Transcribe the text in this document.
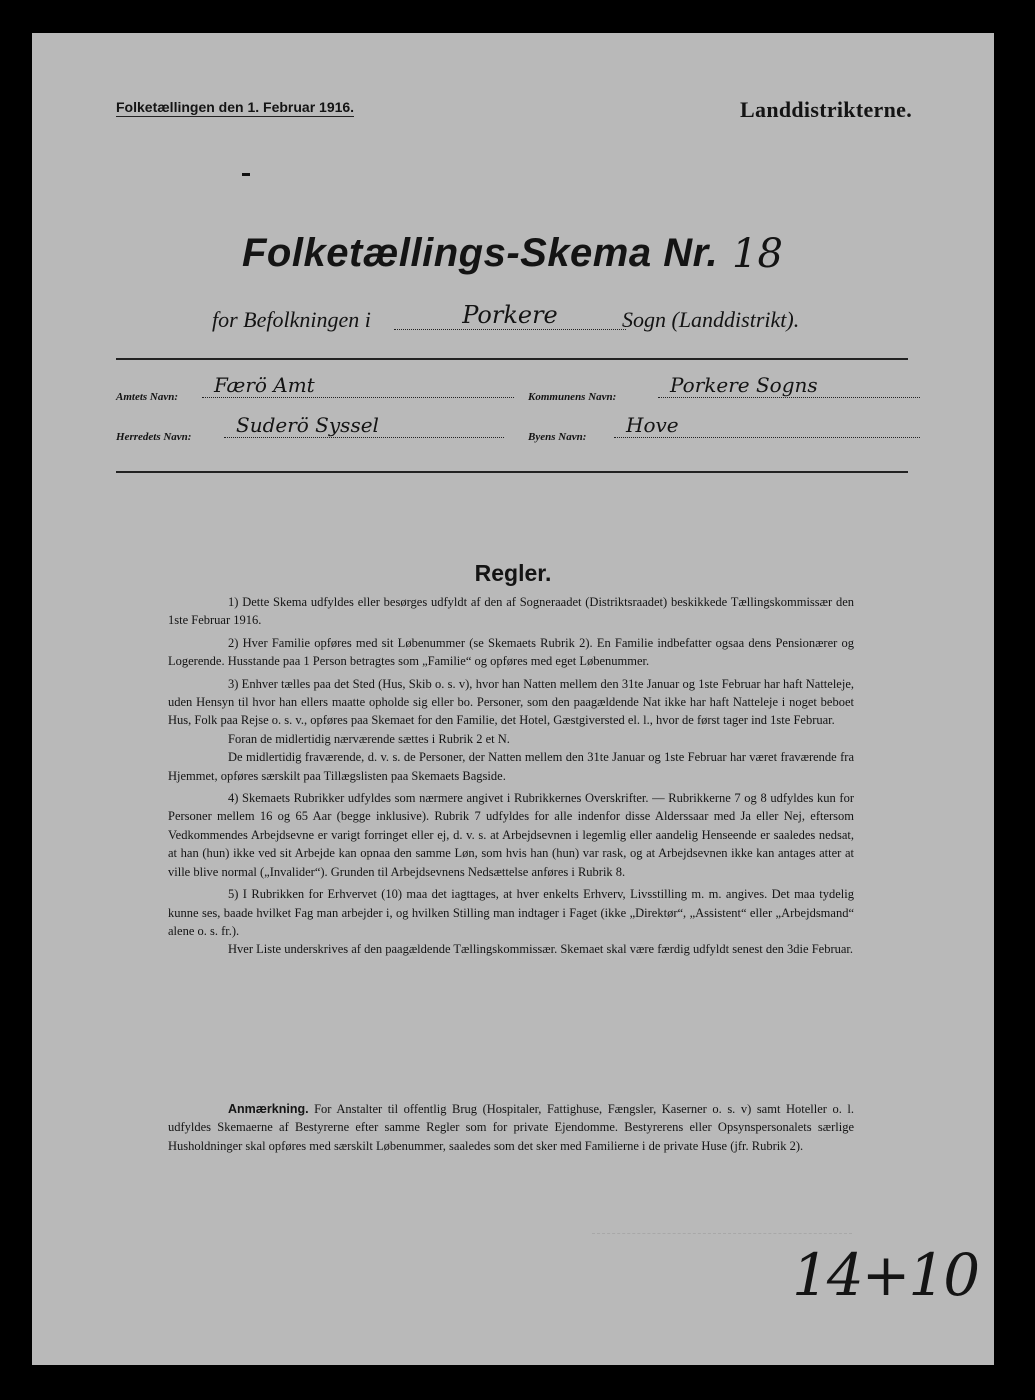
Folketællingen den 1. Februar 1916.	Landdistrikterne.
Folketællings-Skema Nr. 18
for Befolkningen i	Porkere	Sogn (Landdistrikt).
Amtets Navn:	Færö Amt	Kommunens Navn:	Porkere Sogns
Herredets Navn:	Suderö Syssel	Byens Navn:	Hove
Regler.

1) Dette Skema udfyldes eller besørges udfyldt af den af Sogneraadet (Distriktsraadet) beskikkede Tællingskommissær den 1ste Februar 1916.

2) Hver Familie opføres med sit Løbenummer (se Skemaets Rubrik 2). En Familie indbefatter ogsaa dens Pensionærer og Logerende. Husstande paa 1 Person betragtes som „Familie“ og opføres med eget Løbenummer.

3) Enhver tælles paa det Sted (Hus, Skib o. s. v), hvor han Natten mellem den 31te Januar og 1ste Februar har haft Natteleje, uden Hensyn til hvor han ellers maatte opholde sig eller bo. Personer, som den paagældende Nat ikke har haft Natteleje i noget beboet Hus, Folk paa Rejse o. s. v., opføres paa Skemaet for den Familie, det Hotel, Gæstgiversted el. l., hvor de først tager ind 1ste Februar.

Foran de midlertidig nærværende sættes i Rubrik 2 et N.

De midlertidig fraværende, d. v. s. de Personer, der Natten mellem den 31te Januar og 1ste Februar har været fraværende fra Hjemmet, opføres særskilt paa Tillægslisten paa Skemaets Bagside.

4) Skemaets Rubrikker udfyldes som nærmere angivet i Rubrikkernes Overskrifter. — Rubrikkerne 7 og 8 udfyldes kun for Personer mellem 16 og 65 Aar (begge inklusive). Rubrik 7 udfyldes for alle indenfor disse Alderssaar med Ja eller Nej, eftersom Vedkommendes Arbejdsevne er varigt forringet eller ej, d. v. s. at Arbejdsevnen i legemlig eller aandelig Henseende er saaledes nedsat, at han (hun) ikke ved sit Arbejde kan opnaa den samme Løn, som hvis han (hun) var rask, og at Arbejdsevnen ikke kan antages atter at ville blive normal („Invalider“). Grunden til Arbejdsevnens Nedsættelse anføres i Rubrik 8.

5) I Rubrikken for Erhvervet (10) maa det iagttages, at hver enkelts Erhverv, Livsstilling m. m. angives. Det maa tydelig kunne ses, baade hvilket Fag man arbejder i, og hvilken Stilling man indtager i Faget (ikke „Direktør“, „Assistent“ eller „Arbejdsmand“ alene o. s. fr.).

Hver Liste underskrives af den paagældende Tællingskommissær. Skemaet skal være færdig udfyldt senest den 3die Februar.

Anmærkning. For Anstalter til offentlig Brug (Hospitaler, Fattighuse, Fængsler, Kaserner o. s. v) samt Hoteller o. l. udfyldes Skemaerne af Bestyrerne efter samme Regler som for private Ejendomme. Bestyrerens eller Opsynspersonalets særlige Husholdninger skal opføres med særskilt Løbenummer, saaledes som det sker med Familierne i de private Huse (jfr. Rubrik 2).
14+10
